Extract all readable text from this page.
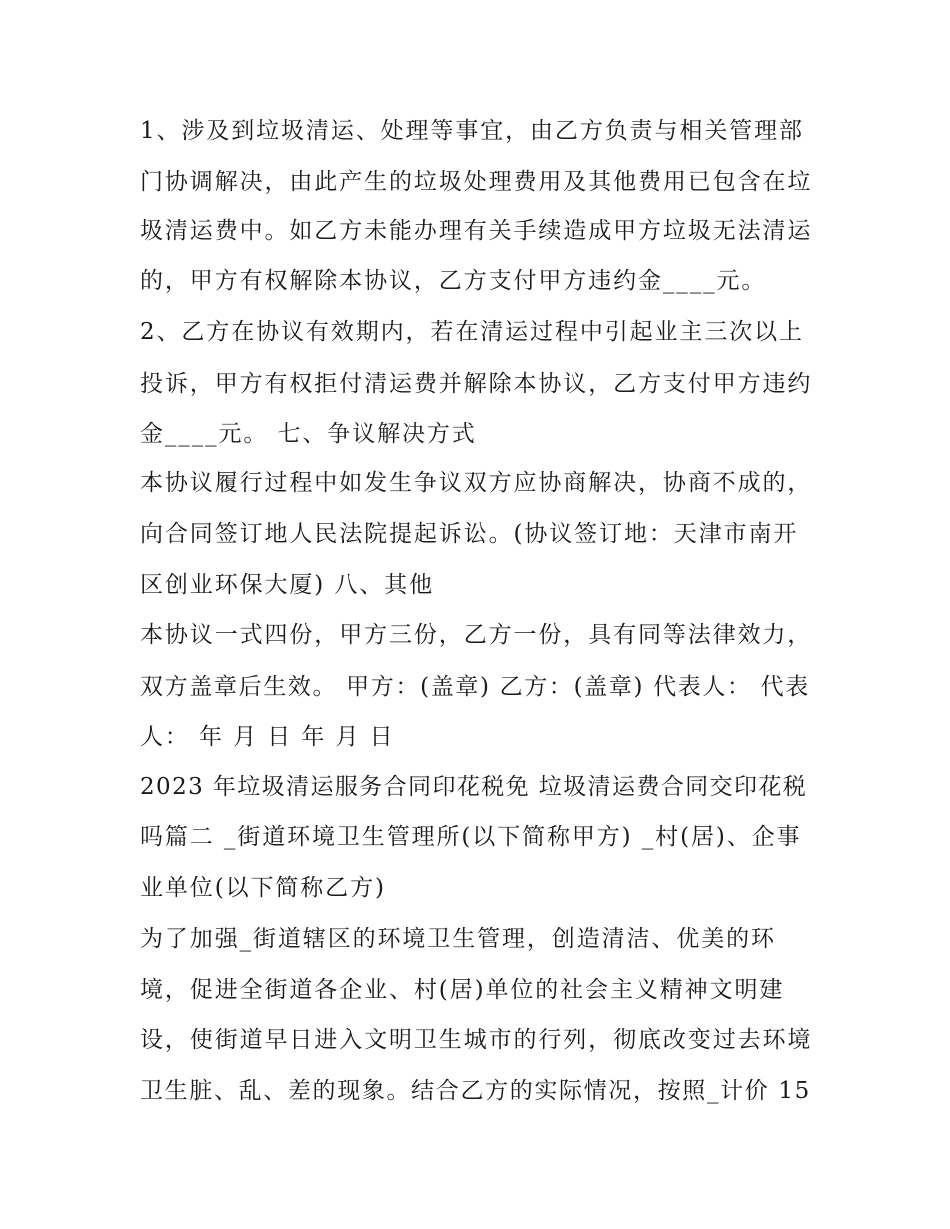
1、涉及到垃圾清运、处理等事宜，由乙方负责与相关管理部
门协调解决，由此产生的垃圾处理费用及其他费用已包含在垃
圾清运费中。如乙方未能办理有关手续造成甲方垃圾无法清运
的，甲方有权解除本协议，乙方支付甲方违约金____元。
2、乙方在协议有效期内，若在清运过程中引起业主三次以上
投诉，甲方有权拒付清运费并解除本协议，乙方支付甲方违约
金____元。 七、争议解决方式
本协议履行过程中如发生争议双方应协商解决，协商不成的，
向合同签订地人民法院提起诉讼。(协议签订地：天津市南开
区创业环保大厦) 八、其他
本协议一式四份，甲方三份，乙方一份，具有同等法律效力，
双方盖章后生效。 甲方：(盖章) 乙方：(盖章) 代表人： 代表
人： 年 月 日 年 月 日
2023 年垃圾清运服务合同印花税免 垃圾清运费合同交印花税
吗篇二 _街道环境卫生管理所(以下简称甲方) _村(居)、企事
业单位(以下简称乙方)
为了加强_街道辖区的环境卫生管理，创造清洁、优美的环
境，促进全街道各企业、村(居)单位的社会主义精神文明建
设，使街道早日进入文明卫生城市的行列，彻底改变过去环境
卫生脏、乱、差的现象。结合乙方的实际情况，按照_计价 15
